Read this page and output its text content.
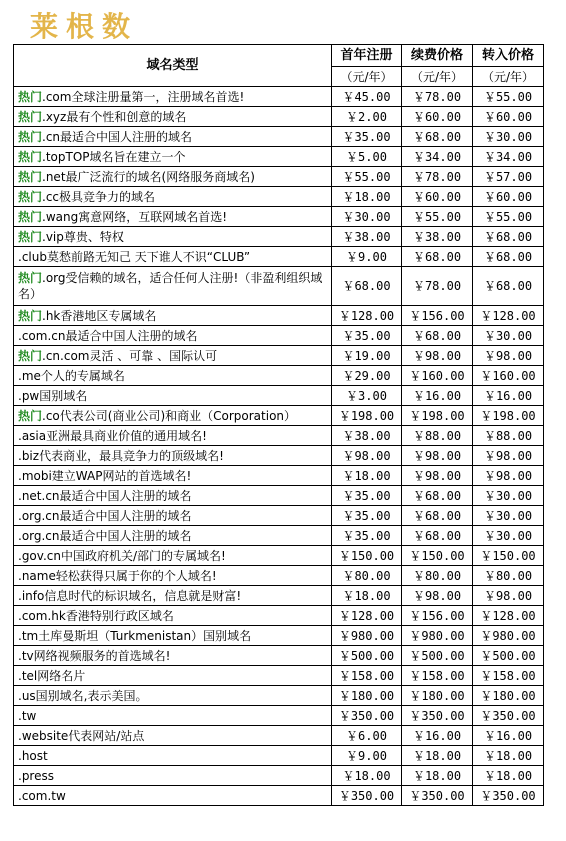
莱 根 数
域名类型	首年注册	续费价格	转入价格
	（元/年）	（元/年）	（元/年）
热门.com全球注册量第一，注册域名首选!	￥45.00	￥78.00	￥55.00
热门.xyz最有个性和创意的域名	￥2.00	￥60.00	￥60.00
热门.cn最适合中国人注册的域名	￥35.00	￥68.00	￥30.00
热门.topTOP域名旨在建立一个	￥5.00	￥34.00	￥34.00
热门.net最广泛流行的域名(网络服务商域名)	￥55.00	￥78.00	￥57.00
热门.cc极具竞争力的域名	￥18.00	￥60.00	￥60.00
热门.wang寓意网络，互联网域名首选!	￥30.00	￥55.00	￥55.00
热门.vip尊贵、特权	￥38.00	￥38.00	￥68.00
.club莫愁前路无知己 天下谁人不识“CLUB”	￥9.00	￥68.00	￥68.00
热门.org受信赖的域名，适合任何人注册!（非盈利组织域名）	￥68.00	￥78.00	￥68.00
热门.hk香港地区专属域名	￥128.00	￥156.00	￥128.00
.com.cn最适合中国人注册的域名	￥35.00	￥68.00	￥30.00
热门.cn.com灵活 、可靠 、国际认可	￥19.00	￥98.00	￥98.00
.me个人的专属域名	￥29.00	￥160.00	￥160.00
.pw国别域名	￥3.00	￥16.00	￥16.00
热门.co代表公司(商业公司)和商业（Corporation）	￥198.00	￥198.00	￥198.00
.asia亚洲最具商业价值的通用域名!	￥38.00	￥88.00	￥88.00
.biz代表商业，最具竞争力的顶级域名!	￥98.00	￥98.00	￥98.00
.mobi建立WAP网站的首选域名!	￥18.00	￥98.00	￥98.00
.net.cn最适合中国人注册的域名	￥35.00	￥68.00	￥30.00
.org.cn最适合中国人注册的域名	￥35.00	￥68.00	￥30.00
.org.cn最适合中国人注册的域名	￥35.00	￥68.00	￥30.00
.gov.cn中国政府机关/部门的专属域名!	￥150.00	￥150.00	￥150.00
.name轻松获得只属于你的个人域名!	￥80.00	￥80.00	￥80.00
.info信息时代的标识域名，信息就是财富!	￥18.00	￥98.00	￥98.00
.com.hk香港特别行政区域名	￥128.00	￥156.00	￥128.00
.tm土库曼斯坦（Turkmenistan）国别域名	￥980.00	￥980.00	￥980.00
.tv网络视频服务的首选域名!	￥500.00	￥500.00	￥500.00
.tel网络名片	￥158.00	￥158.00	￥158.00
.us国别域名,表示美国。	￥180.00	￥180.00	￥180.00
.tw	￥350.00	￥350.00	￥350.00
.website代表网站/站点	￥6.00	￥16.00	￥16.00
.host	￥9.00	￥18.00	￥18.00
.press	￥18.00	￥18.00	￥18.00
.com.tw	￥350.00	￥350.00	￥350.00
